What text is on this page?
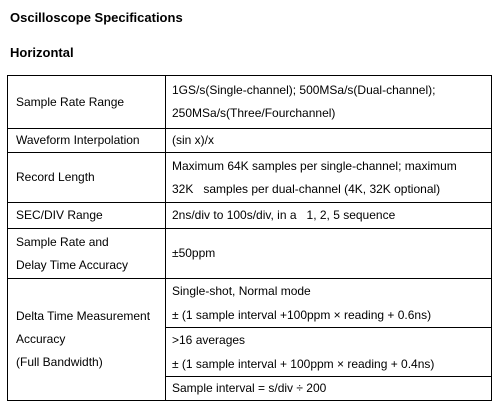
Oscilloscope Specifications
Horizontal
Sample Rate Range	1GS/s(Single-channel); 500MSa/s(Dual-channel);
250MSa/s(Three/Fourchannel)

Waveform Interpolation	(sin x)/x
Record Length	Maximum 64K samples per single-channel; maximum
32K   samples per dual-channel (4K, 32K optional)

SEC/DIV Range	2ns/div to 100s/div, in a   1, 2, 5 sequence

Sample Rate and
Delay Time Accuracy	±50ppm

Delta Time Measurement
Accuracy
(Full Bandwidth)	Single-shot, Normal mode
	± (1 sample interval +100ppm × reading + 0.6ns)
	>16 averages
	± (1 sample interval + 100ppm × reading + 0.4ns)
	Sample interval = s/div ÷ 200
